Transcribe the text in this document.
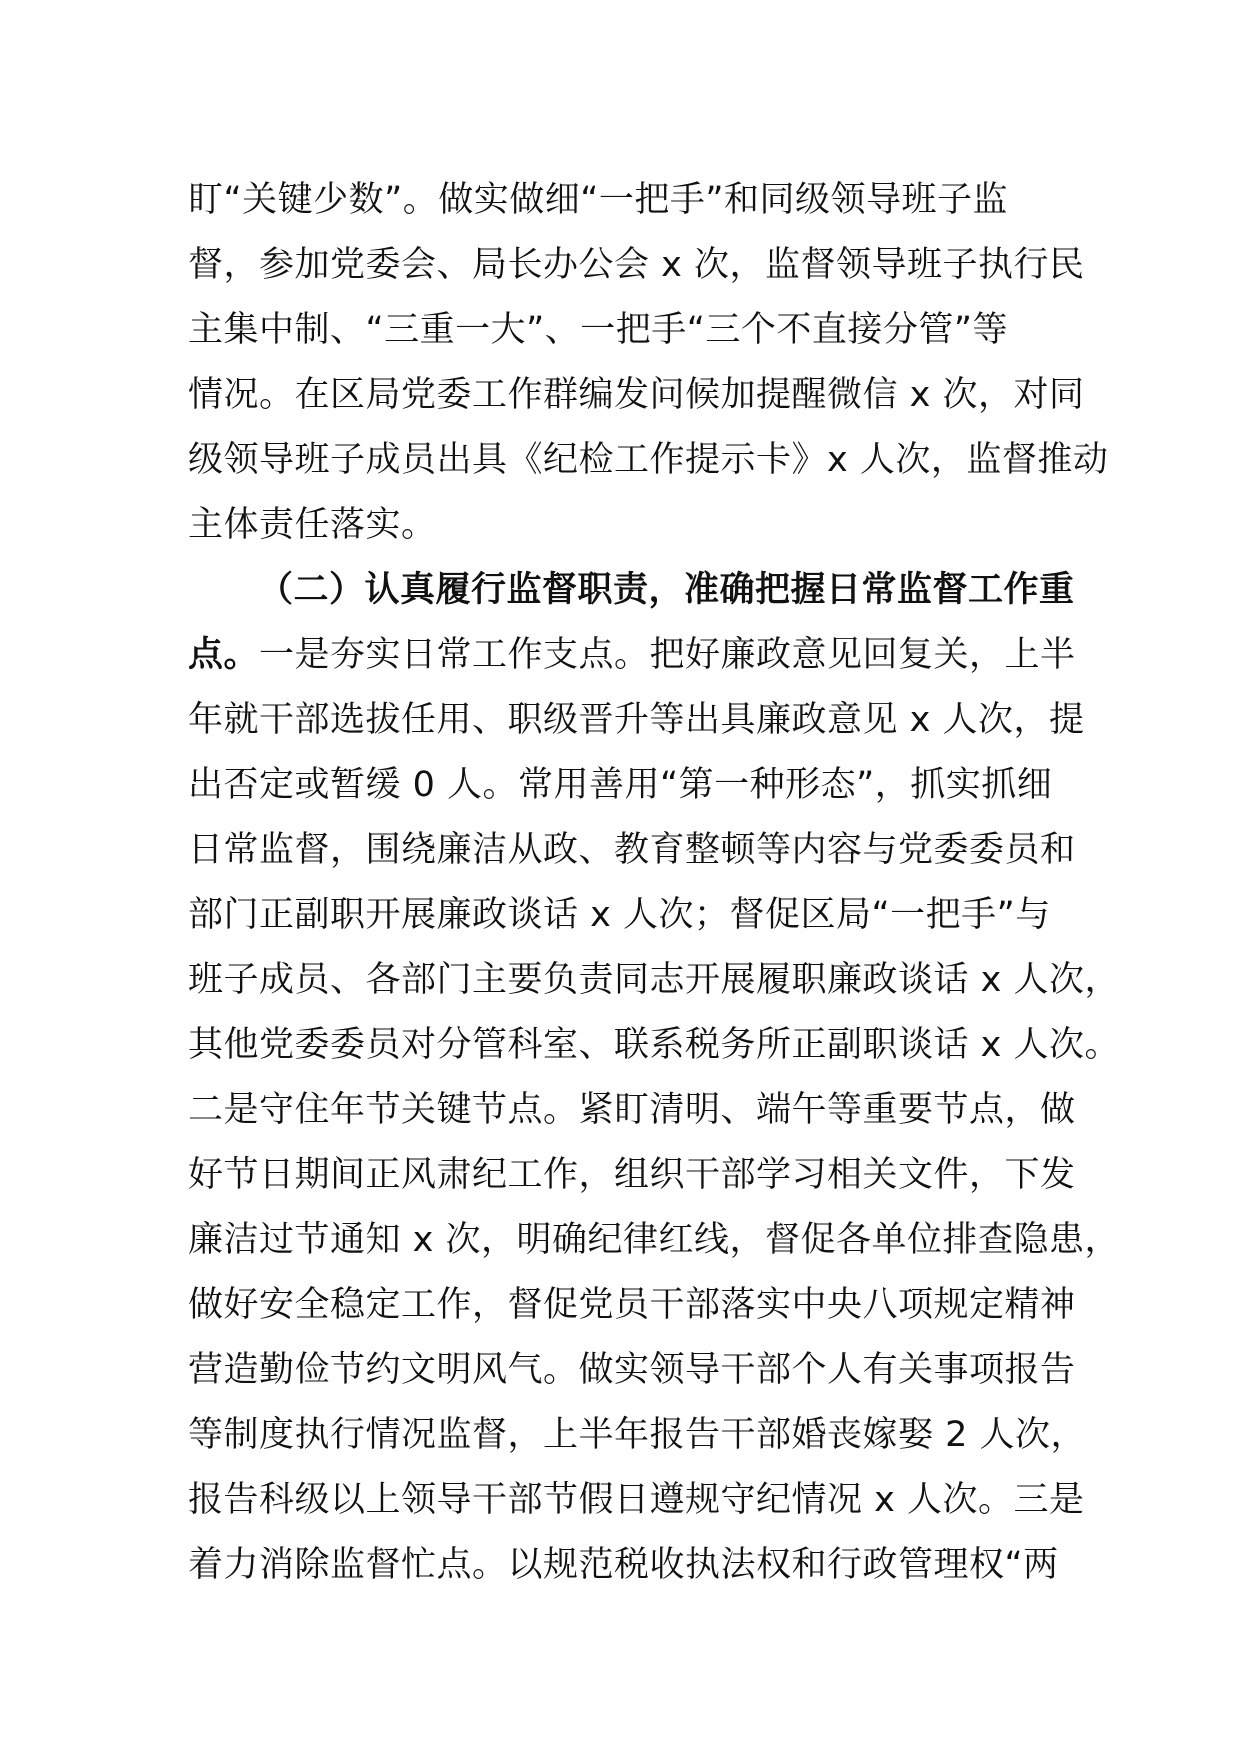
盯“关键少数”。做实做细“一把手”和同级领导班子监
督，参加党委会、局长办公会 x 次，监督领导班子执行民
主集中制、“三重一大”、一把手“三个不直接分管”等
情况。在区局党委工作群编发问候加提醒微信 x 次，对同
级领导班子成员出具《纪检工作提示卡》x 人次，监督推动
主体责任落实。
（二）认真履行监督职责，准确把握日常监督工作重
点。一是夯实日常工作支点。把好廉政意见回复关，上半
年就干部选拔任用、职级晋升等出具廉政意见 x 人次，提
出否定或暂缓 0 人。常用善用“第一种形态”，抓实抓细
日常监督，围绕廉洁从政、教育整顿等内容与党委委员和
部门正副职开展廉政谈话 x 人次；督促区局“一把手”与
班子成员、各部门主要负责同志开展履职廉政谈话 x 人次，
其他党委委员对分管科室、联系税务所正副职谈话 x 人次。
二是守住年节关键节点。紧盯清明、端午等重要节点，做
好节日期间正风肃纪工作，组织干部学习相关文件，下发
廉洁过节通知 x 次，明确纪律红线，督促各单位排查隐患，
做好安全稳定工作，督促党员干部落实中央八项规定精神
营造勤俭节约文明风气。做实领导干部个人有关事项报告
等制度执行情况监督，上半年报告干部婚丧嫁娶 2 人次，
报告科级以上领导干部节假日遵规守纪情况 x 人次。三是
着力消除监督忙点。以规范税收执法权和行政管理权“两
